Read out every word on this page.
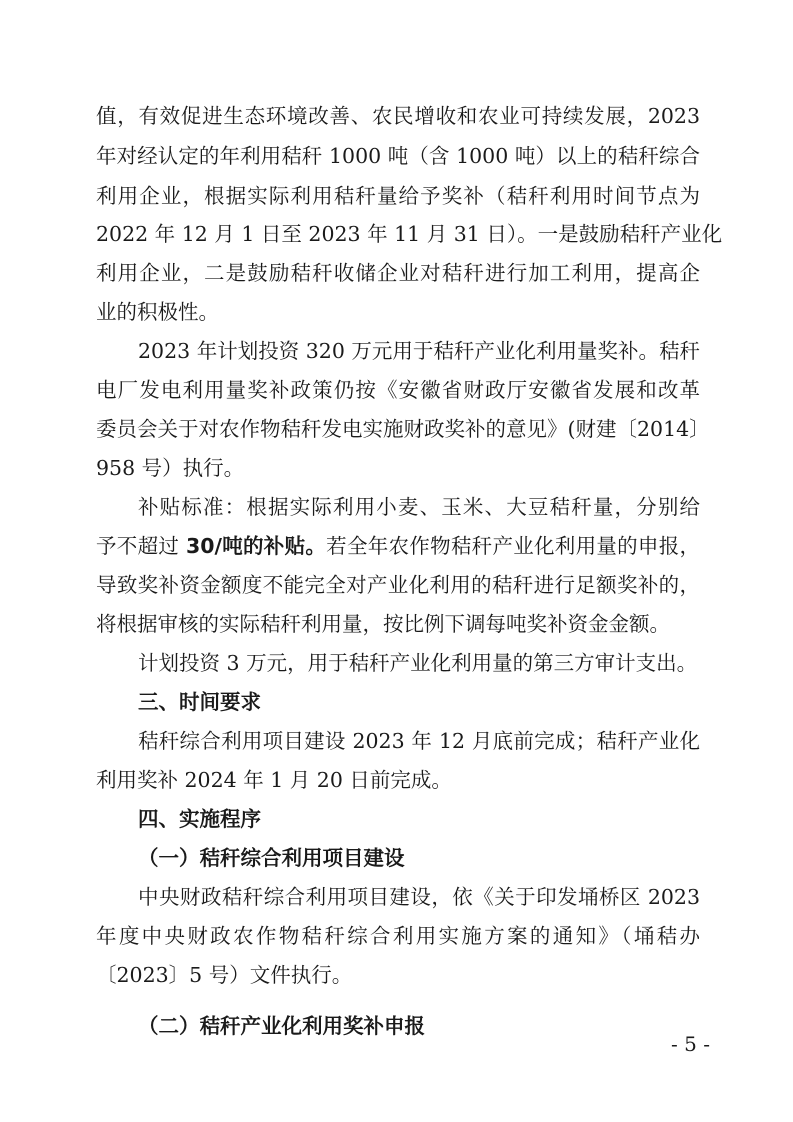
值，有效促进生态环境改善、农民增收和农业可持续发展，2023
年对经认定的年利用秸秆 1000 吨（含 1000 吨）以上的秸秆综合
利用企业，根据实际利用秸秆量给予奖补（秸秆利用时间节点为
2022 年 12 月 1 日至 2023 年 11 月 31 日）。一是鼓励秸秆产业化
利用企业，二是鼓励秸秆收储企业对秸秆进行加工利用，提高企
业的积极性。
2023 年计划投资 320 万元用于秸秆产业化利用量奖补。秸秆
电厂发电利用量奖补政策仍按《安徽省财政厅安徽省发展和改革
委员会关于对农作物秸秆发电实施财政奖补的意见》(财建〔2014〕
958 号）执行。
补贴标准：根据实际利用小麦、玉米、大豆秸秆量，分别给
予不超过 30/吨的补贴。若全年农作物秸秆产业化利用量的申报，
导致奖补资金额度不能完全对产业化利用的秸秆进行足额奖补的，
将根据审核的实际秸秆利用量，按比例下调每吨奖补资金金额。
计划投资 3 万元，用于秸秆产业化利用量的第三方审计支出。
三、时间要求
秸秆综合利用项目建设 2023 年 12 月底前完成；秸秆产业化
利用奖补 2024 年 1 月 20 日前完成。
四、实施程序
（一）秸秆综合利用项目建设
中央财政秸秆综合利用项目建设，依《关于印发埇桥区 2023
年度中央财政农作物秸秆综合利用实施方案的通知》（埇秸办
〔2023〕5 号）文件执行。
（二）秸秆产业化利用奖补申报
- 5 -
